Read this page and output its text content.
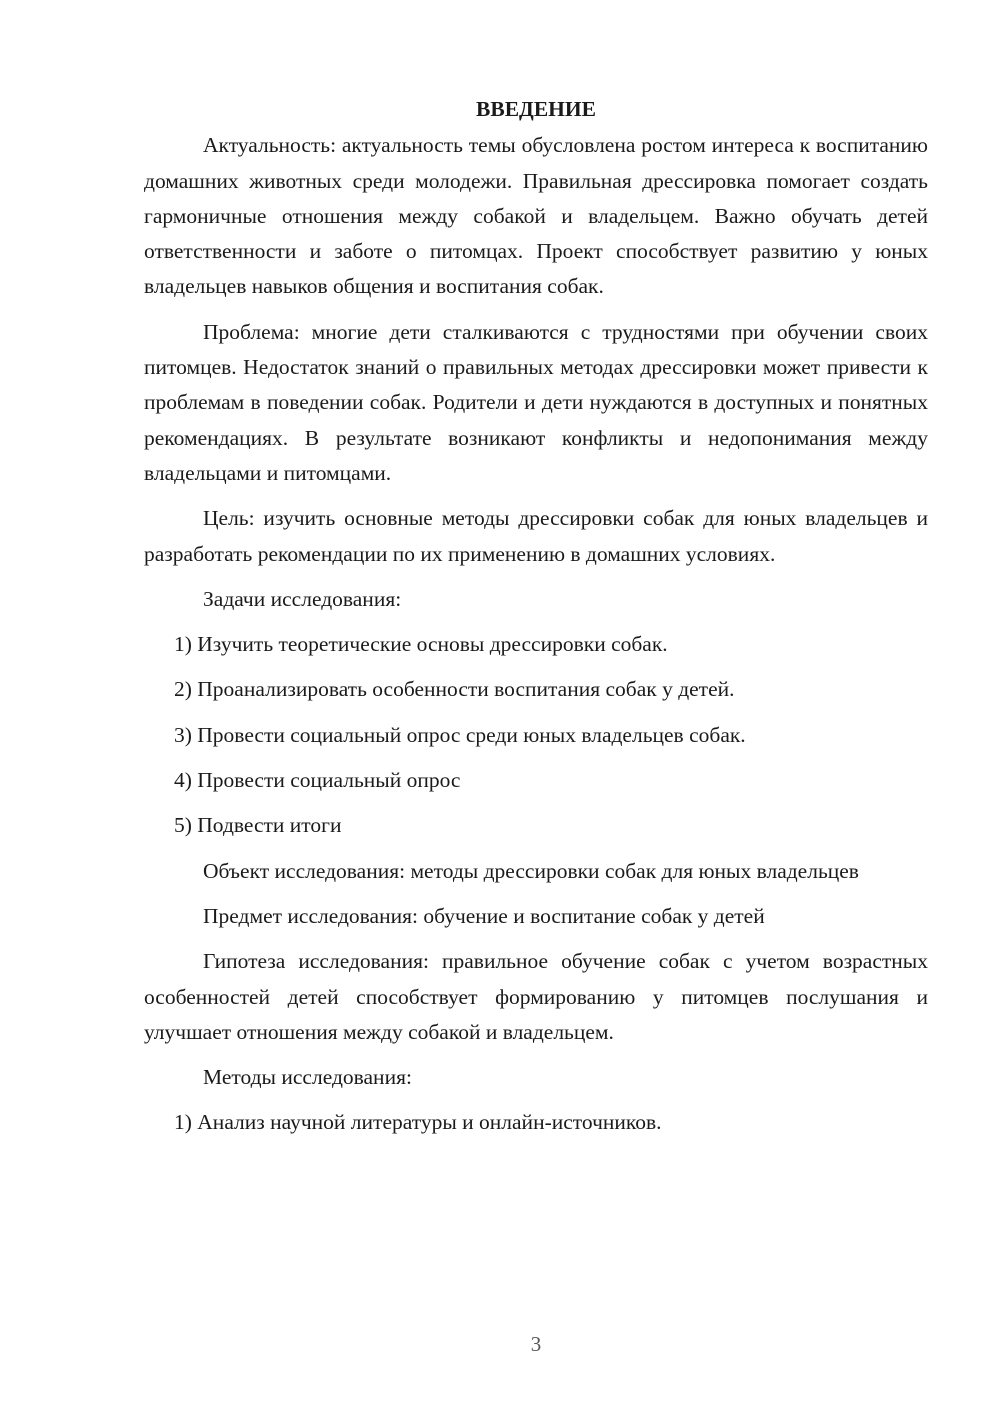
ВВЕДЕНИЕ

Актуальность: актуальность темы обусловлена ростом интереса к воспитанию домашних животных среди молодежи. Правильная дрессировка помогает создать гармоничные отношения между собакой и владельцем. Важно обучать детей ответственности и заботе о питомцах. Проект способствует развитию у юных владельцев навыков общения и воспитания собак.

Проблема: многие дети сталкиваются с трудностями при обучении своих питомцев. Недостаток знаний о правильных методах дрессировки может привести к проблемам в поведении собак. Родители и дети нуждаются в доступных и понятных рекомендациях. В результате возникают конфликты и недопонимания между владельцами и питомцами.

Цель: изучить основные методы дрессировки собак для юных владельцев и разработать рекомендации по их применению в домашних условиях.

Задачи исследования:

1) Изучить теоретические основы дрессировки собак.

2) Проанализировать особенности воспитания собак у детей.

3) Провести социальный опрос среди юных владельцев собак.

4) Провести социальный опрос

5) Подвести итоги

Объект исследования: методы дрессировки собак для юных владельцев

Предмет исследования: обучение и воспитание собак у детей

Гипотеза исследования: правильное обучение собак с учетом возрастных особенностей детей способствует формированию у питомцев послушания и улучшает отношения между собакой и владельцем.

Методы исследования:

1) Анализ научной литературы и онлайн-источников.

3
